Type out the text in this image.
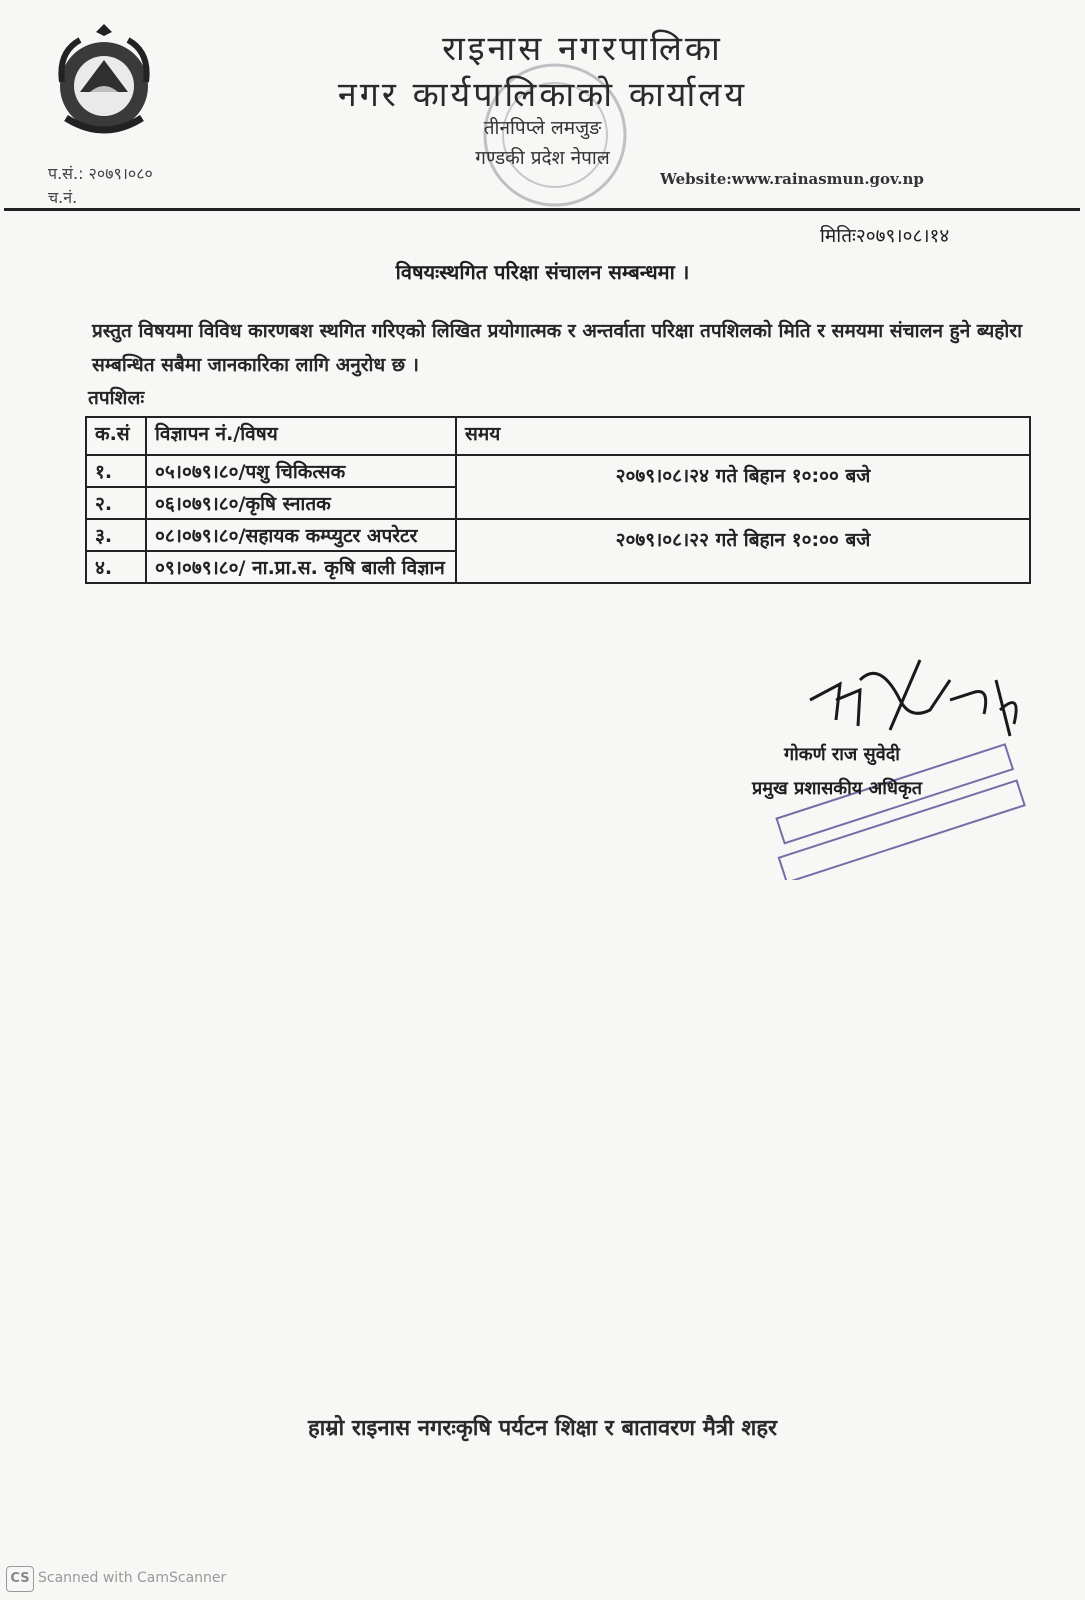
राइनास नगरपालिका
नगर कार्यपालिकाको कार्यालय
तीनपिप्ले लमजुङ
गण्डकी प्रदेश नेपाल
प.सं.: २०७९।०८०
च.नं.
Website:www.rainasmun.gov.np
मितिः२०७९।०८।१४
विषयःस्थगित परिक्षा संचालन सम्बन्धमा ।
प्रस्तुत विषयमा विविध कारणबश स्थगित गरिएको लिखित प्रयोगात्मक र अन्तर्वाता परिक्षा तपशिलको मिति र समयमा संचालन हुने ब्यहोरा सम्बन्धित सबैमा जानकारिका लागि अनुरोध छ ।
तपशिलः
क.सं	विज्ञापन नं./विषय	समय
१.	०५।०७९।८०/पशु चिकित्सक	२०७९।०८।२४ गते बिहान १०:०० बजे
२.	०६।०७९।८०/कृषि स्नातक	
३.	०८।०७९।८०/सहायक कम्प्युटर अपरेटर	२०७९।०८।२२ गते बिहान १०:०० बजे
४.	०९।०७९।८०/ ना.प्रा.स. कृषि बाली विज्ञान	
गोकर्ण राज सुवेदी
प्रमुख प्रशासकीय अधिकृत
हाम्रो राइनास नगरःकृषि पर्यटन शिक्षा र बातावरण मैत्री शहर
CS Scanned with CamScanner
